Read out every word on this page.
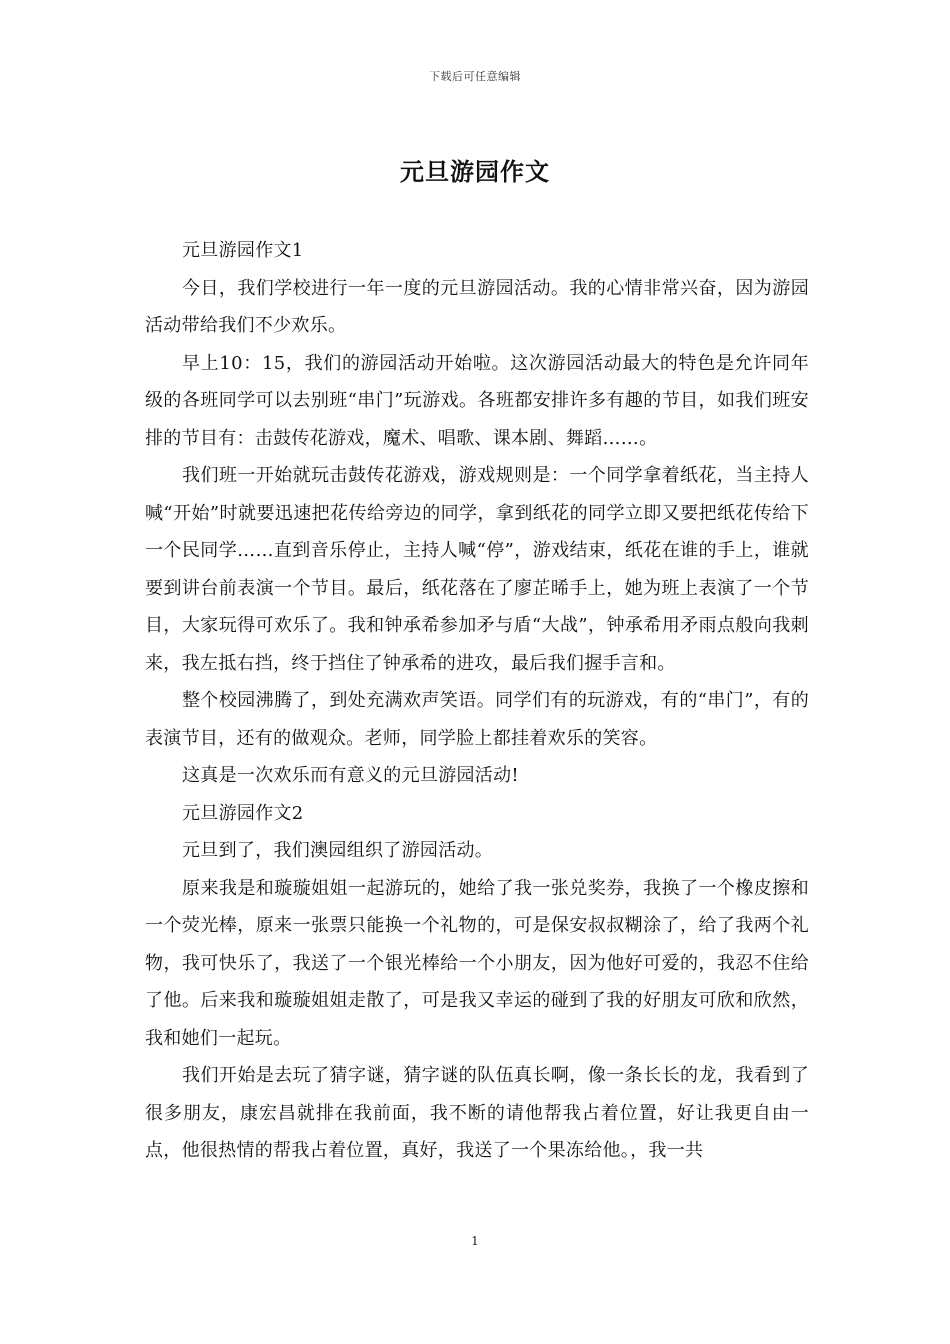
下载后可任意编辑
元旦游园作文

元旦游园作文1

今日，我们学校进行一年一度的元旦游园活动。我的心情非常兴奋，因为游园活动带给我们不少欢乐。

早上10：15，我们的游园活动开始啦。这次游园活动最大的特色是允许同年级的各班同学可以去别班“串门”玩游戏。各班都安排许多有趣的节目，如我们班安排的节目有：击鼓传花游戏，魔术、唱歌、课本剧、舞蹈……。

我们班一开始就玩击鼓传花游戏，游戏规则是：一个同学拿着纸花，当主持人喊“开始”时就要迅速把花传给旁边的同学，拿到纸花的同学立即又要把纸花传给下一个民同学……直到音乐停止，主持人喊“停”，游戏结束，纸花在谁的手上，谁就要到讲台前表演一个节目。最后，纸花落在了廖芷晞手上，她为班上表演了一个节目，大家玩得可欢乐了。我和钟承希参加矛与盾“大战”，钟承希用矛雨点般向我刺来，我左抵右挡，终于挡住了钟承希的进攻，最后我们握手言和。

整个校园沸腾了，到处充满欢声笑语。同学们有的玩游戏，有的“串门”，有的表演节目，还有的做观众。老师，同学脸上都挂着欢乐的笑容。

这真是一次欢乐而有意义的元旦游园活动!

元旦游园作文2

元旦到了，我们澳园组织了游园活动。

原来我是和璇璇姐姐一起游玩的，她给了我一张兑奖券，我换了一个橡皮擦和一个荧光棒，原来一张票只能换一个礼物的，可是保安叔叔糊涂了，给了我两个礼物，我可快乐了，我送了一个银光棒给一个小朋友，因为他好可爱的，我忍不住给了他。后来我和璇璇姐姐走散了，可是我又幸运的碰到了我的好朋友可欣和欣然，我和她们一起玩。

我们开始是去玩了猜字谜，猜字谜的队伍真长啊，像一条长长的龙，我看到了很多朋友，康宏昌就排在我前面，我不断的请他帮我占着位置，好让我更自由一点，他很热情的帮我占着位置，真好，我送了一个果冻给他。，我一共

1
